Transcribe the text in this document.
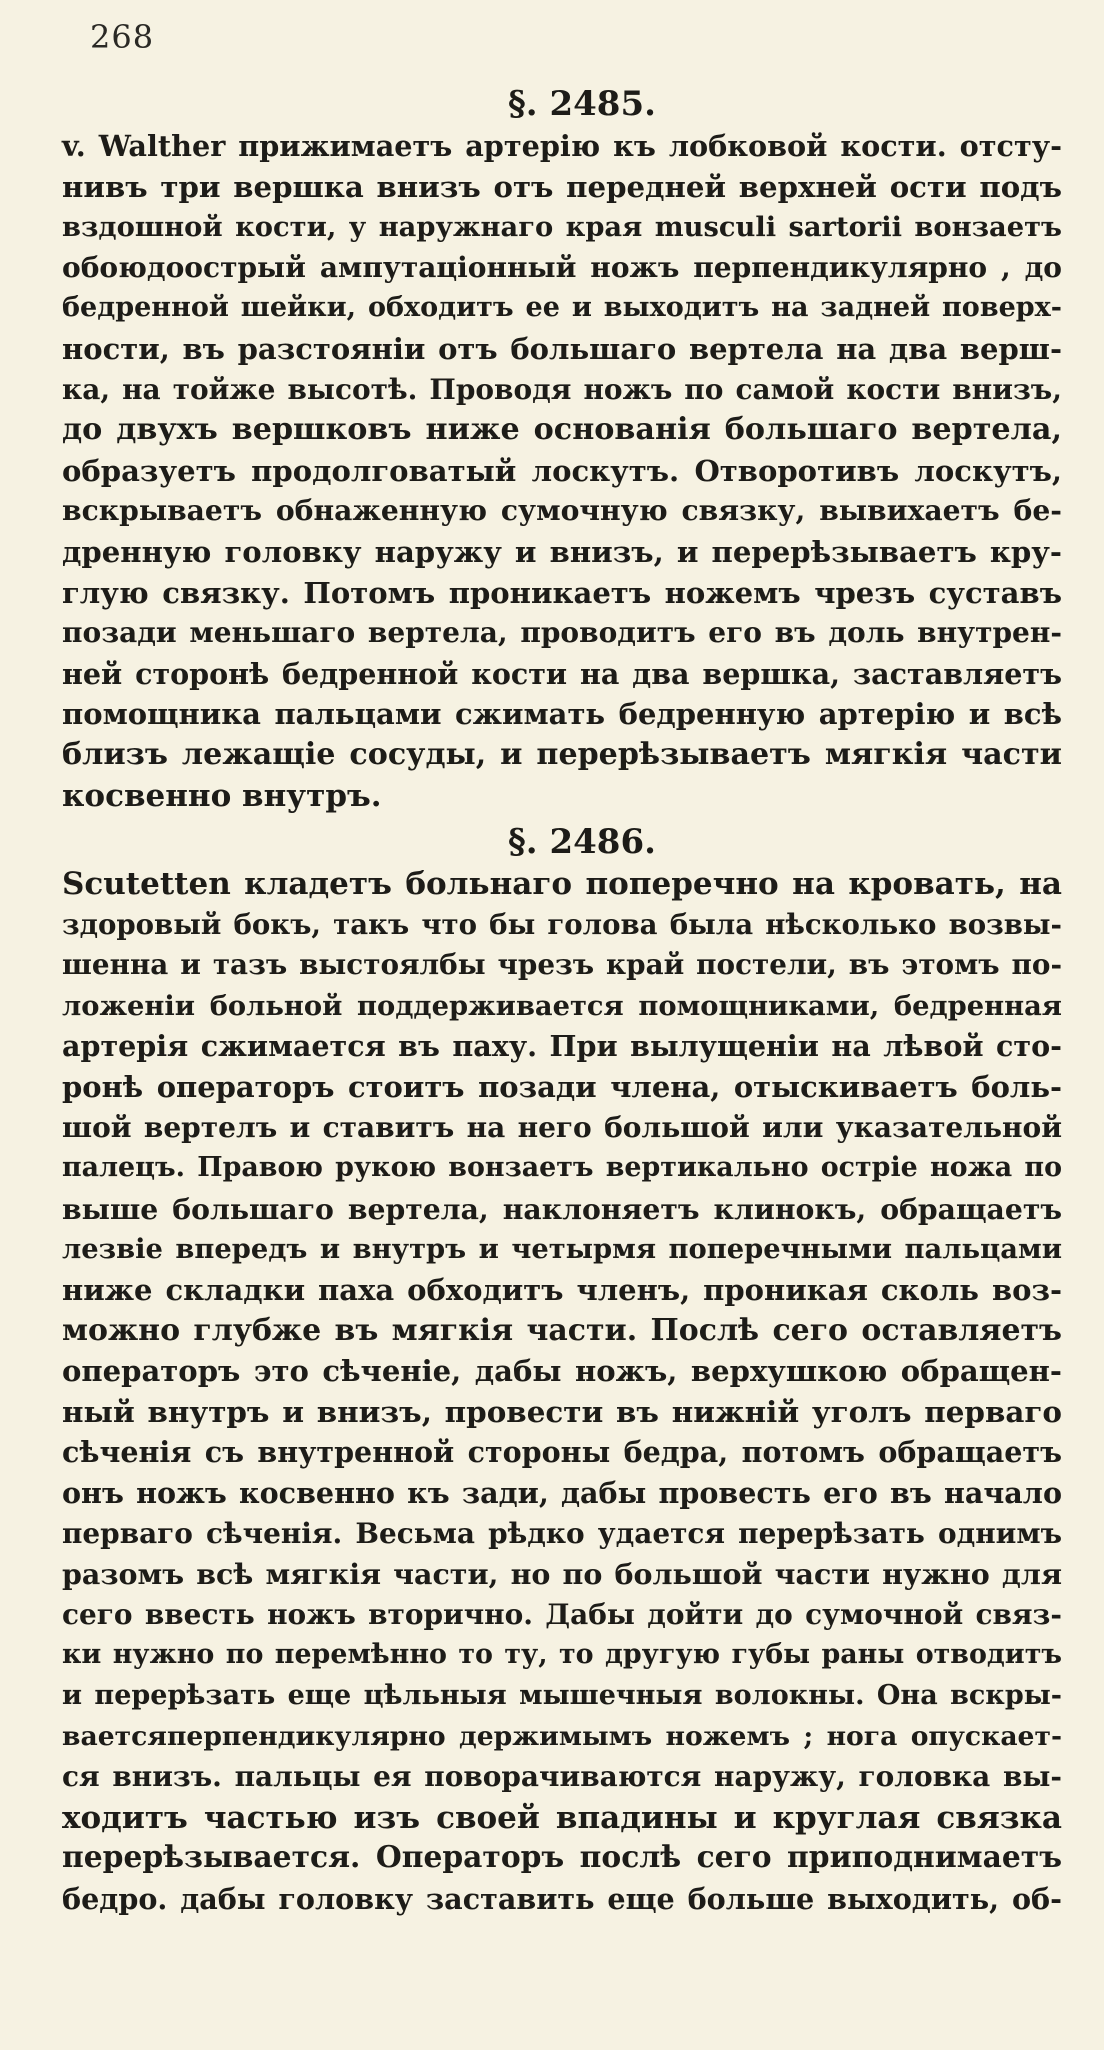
268
§. 2485.
v. Walther прижимаетъ артерію къ лобковой кости. отсту-
нивъ три вершка внизъ отъ передней верхней ости подъ
вздошной кости, у наружнаго края musculi sartorii вонзаетъ
обоюдоострый ампутаціонный ножъ перпендикулярно , до
бедренной шейки, обходитъ ее и выходитъ на задней поверх-
ности, въ разстояніи отъ большаго вертела на два верш-
ка, на тойже высотѣ. Проводя ножъ по самой кости внизъ,
до двухъ вершковъ ниже основанія большаго вертела,
образуетъ продолговатый лоскутъ. Отворотивъ лоскутъ,
вскрываетъ обнаженную сумочную связку, вывихаетъ бе-
дренную головку наружу и внизъ, и перерѣзываетъ кру-
глую связку. Потомъ проникаетъ ножемъ чрезъ суставъ
позади меньшаго вертела, проводитъ его въ доль внутрен-
ней сторонѣ бедренной кости на два вершка, заставляетъ
помощника пальцами сжимать бедренную артерію и всѣ
близъ лежащіе сосуды, и перерѣзываетъ мягкія части
косвенно внутръ.
§. 2486.
Scutetten кладетъ больнаго поперечно на кровать, на
здоровый бокъ, такъ что бы голова была нѣсколько возвы-
шенна и тазъ выстоялбы чрезъ край постели, въ этомъ по-
ложеніи больной поддерживается помощниками, бедренная
артерія сжимается въ паху. При вылущеніи на лѣвой сто-
ронѣ операторъ стоитъ позади члена, отыскиваетъ боль-
шой вертелъ и ставитъ на него большой или указательной
палецъ. Правою рукою вонзаетъ вертикально остріе ножа по
выше большаго вертела, наклоняетъ клинокъ, обращаетъ
лезвіе впередъ и внутръ и четырмя поперечными пальцами
ниже складки паха обходитъ членъ, проникая сколь воз-
можно глубже въ мягкія части. Послѣ сего оставляетъ
операторъ это сѣченіе, дабы ножъ, верхушкою обращен-
ный внутръ и внизъ, провести въ нижній уголъ перваго
сѣченія съ внутренной стороны бедра, потомъ обращаетъ
онъ ножъ косвенно къ зади, дабы провесть его въ начало
перваго сѣченія. Весьма рѣдко удается перерѣзать однимъ
разомъ всѣ мягкія части, но по большой части нужно для
сего ввесть ножъ вторично. Дабы дойти до сумочной связ-
ки нужно по перемѣнно то ту, то другую губы раны отводитъ
и перерѣзать еще цѣльныя мышечныя волокны. Она вскры-
ваетсяперпендикулярно держимымъ ножемъ ; нога опускает-
ся внизъ. пальцы ея поворачиваются наружу, головка вы-
ходитъ частью изъ своей впадины и круглая связка
перерѣзывается. Операторъ послѣ сего приподнимаетъ
бедро. дабы головку заставить еще больше выходить, об-
